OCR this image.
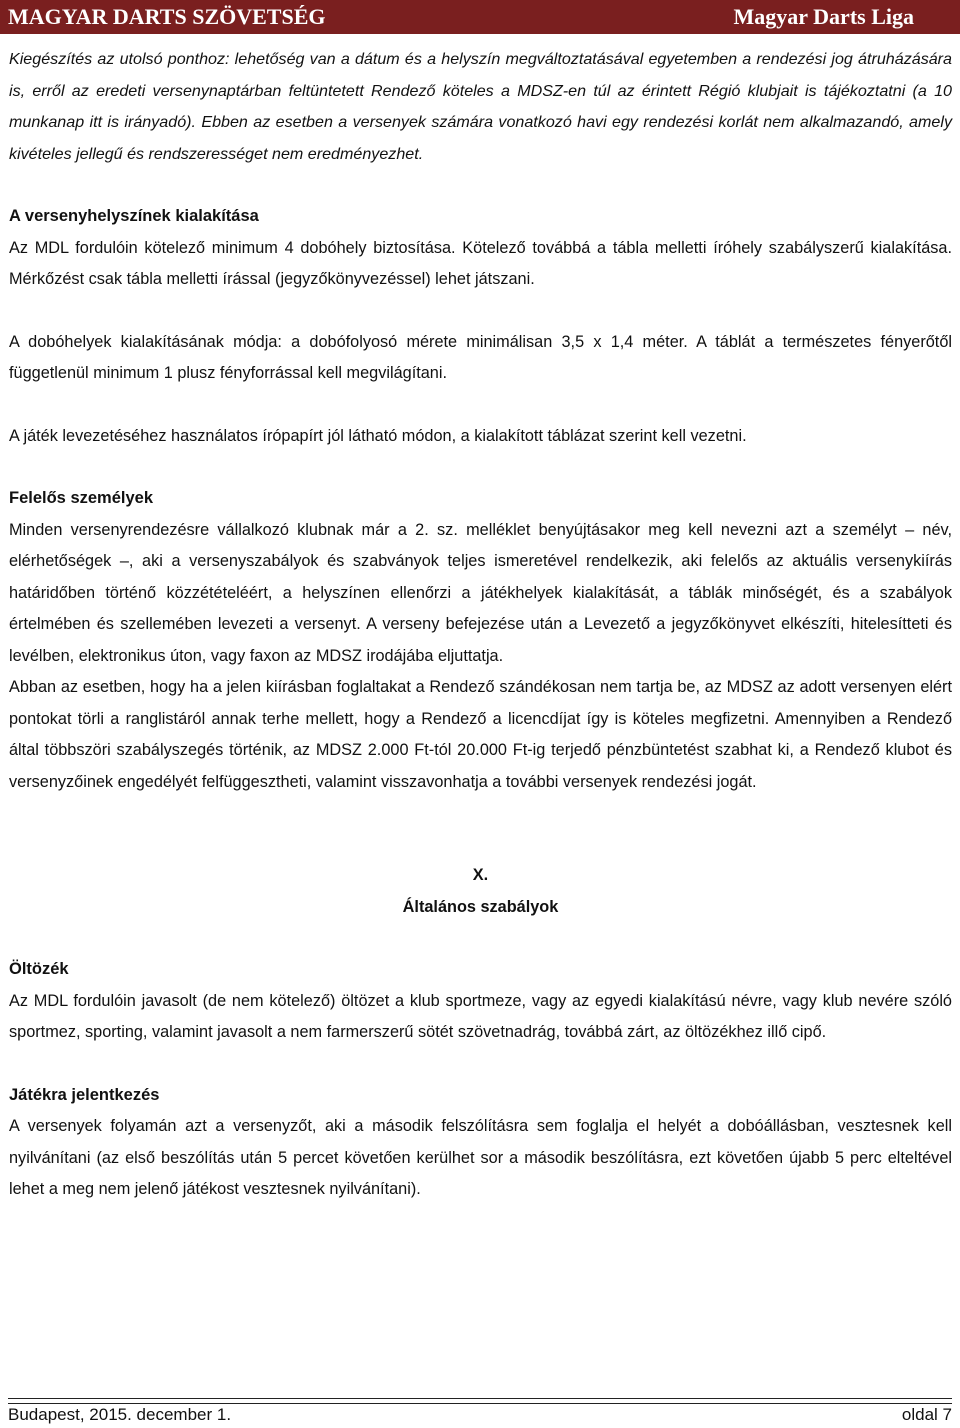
MAGYAR DARTS SZÖVETSÉG	Magyar Darts Liga

Kiegészítés az utolsó ponthoz: lehetőség van a dátum és a helyszín megváltoztatásával egyetemben a rendezési jog átruházására is, erről az eredeti versenynaptárban feltüntetett Rendező köteles a MDSZ-en túl az érintett Régió klubjait is tájékoztatni (a 10 munkanap itt is irányadó). Ebben az esetben a versenyek számára vonatkozó havi egy rendezési korlát nem alkalmazandó, amely kivételes jellegű és rendszerességet nem eredményezhet.

A versenyhelyszínek kialakítása

Az MDL fordulóin kötelező minimum 4 dobóhely biztosítása. Kötelező továbbá a tábla melletti íróhely szabályszerű kialakítása. Mérkőzést csak tábla melletti írással (jegyzőkönyvezéssel) lehet játszani.

A dobóhelyek kialakításának módja: a dobófolyosó mérete minimálisan 3,5 x 1,4 méter. A táblát a természetes fényerőtől függetlenül minimum 1 plusz fényforrással kell megvilágítani.

A játék levezetéséhez használatos írópapírt jól látható módon, a kialakított táblázat szerint kell vezetni.

Felelős személyek

Minden versenyrendezésre vállalkozó klubnak már a 2. sz. melléklet benyújtásakor meg kell nevezni azt a személyt – név, elérhetőségek –, aki a versenyszabályok és szabványok teljes ismeretével rendelkezik, aki felelős az aktuális versenykiírás határidőben történő közzétételéért, a helyszínen ellenőrzi a játékhelyek kialakítását, a táblák minőségét, és a szabályok értelmében és szellemében levezeti a versenyt. A verseny befejezése után a Levezető a jegyzőkönyvet elkészíti, hitelesítteti és levélben, elektronikus úton, vagy faxon az MDSZ irodájába eljuttatja.

Abban az esetben, hogy ha a jelen kiírásban foglaltakat a Rendező szándékosan nem tartja be, az MDSZ az adott versenyen elért pontokat törli a ranglistáról annak terhe mellett, hogy a Rendező a licencdíjat így is köteles megfizetni. Amennyiben a Rendező által többszöri szabályszegés történik, az MDSZ 2.000 Ft-tól 20.000 Ft-ig terjedő pénzbüntetést szabhat ki, a Rendező klubot és versenyzőinek engedélyét felfüggesztheti, valamint visszavonhatja a további versenyek rendezési jogát.

X.
Általános szabályok
Öltözék

Az MDL fordulóin javasolt (de nem kötelező) öltözet a klub sportmeze, vagy az egyedi kialakítású névre, vagy klub nevére szóló sportmez, sporting, valamint javasolt a nem farmerszerű sötét szövetnadrág, továbbá zárt, az öltözékhez illő cipő.

Játékra jelentkezés

A versenyek folyamán azt a versenyzőt, aki a második felszólításra sem foglalja el helyét a dobóállásban, vesztesnek kell nyilvánítani (az első beszólítás után 5 percet követően kerülhet sor a második beszólításra, ezt követően újabb 5 perc elteltével lehet a meg nem jelenő játékost vesztesnek nyilvánítani).

Budapest, 2015. december 1.	oldal 7
